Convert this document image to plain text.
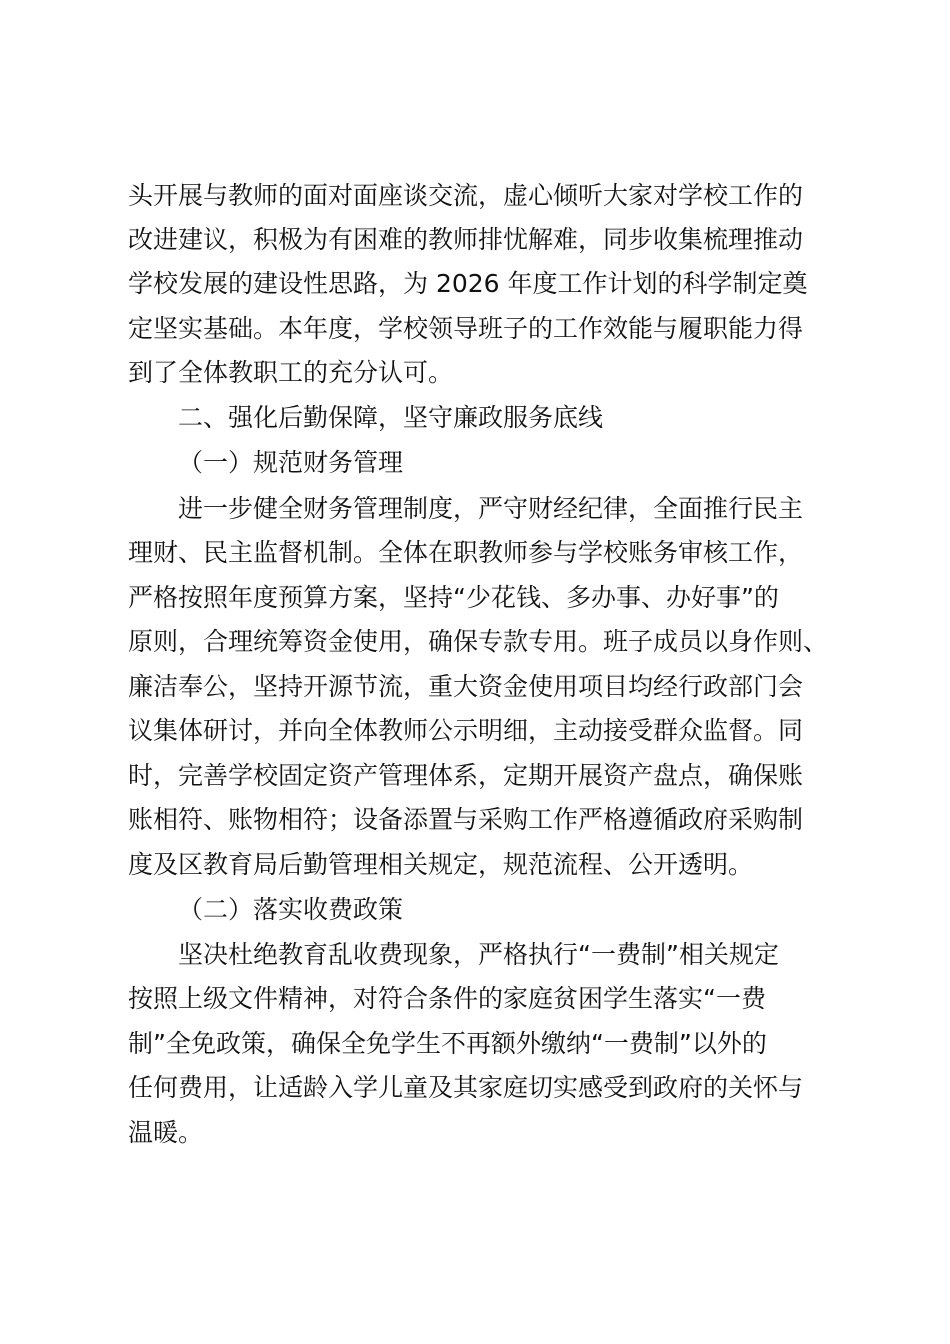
头开展与教师的面对面座谈交流，虚心倾听大家对学校工作的
改进建议，积极为有困难的教师排忧解难，同步收集梳理推动
学校发展的建设性思路，为 2026 年度工作计划的科学制定奠
定坚实基础。本年度，学校领导班子的工作效能与履职能力得
到了全体教职工的充分认可。
二、强化后勤保障，坚守廉政服务底线
（一）规范财务管理
进一步健全财务管理制度，严守财经纪律，全面推行民主
理财、民主监督机制。全体在职教师参与学校账务审核工作，
严格按照年度预算方案，坚持“少花钱、多办事、办好事”的
原则，合理统筹资金使用，确保专款专用。班子成员以身作则、
廉洁奉公，坚持开源节流，重大资金使用项目均经行政部门会
议集体研讨，并向全体教师公示明细，主动接受群众监督。同
时，完善学校固定资产管理体系，定期开展资产盘点，确保账
账相符、账物相符；设备添置与采购工作严格遵循政府采购制
度及区教育局后勤管理相关规定，规范流程、公开透明。
（二）落实收费政策
坚决杜绝教育乱收费现象，严格执行“一费制”相关规定
按照上级文件精神，对符合条件的家庭贫困学生落实“一费
制”全免政策，确保全免学生不再额外缴纳“一费制”以外的
任何费用，让适龄入学儿童及其家庭切实感受到政府的关怀与
温暖。
